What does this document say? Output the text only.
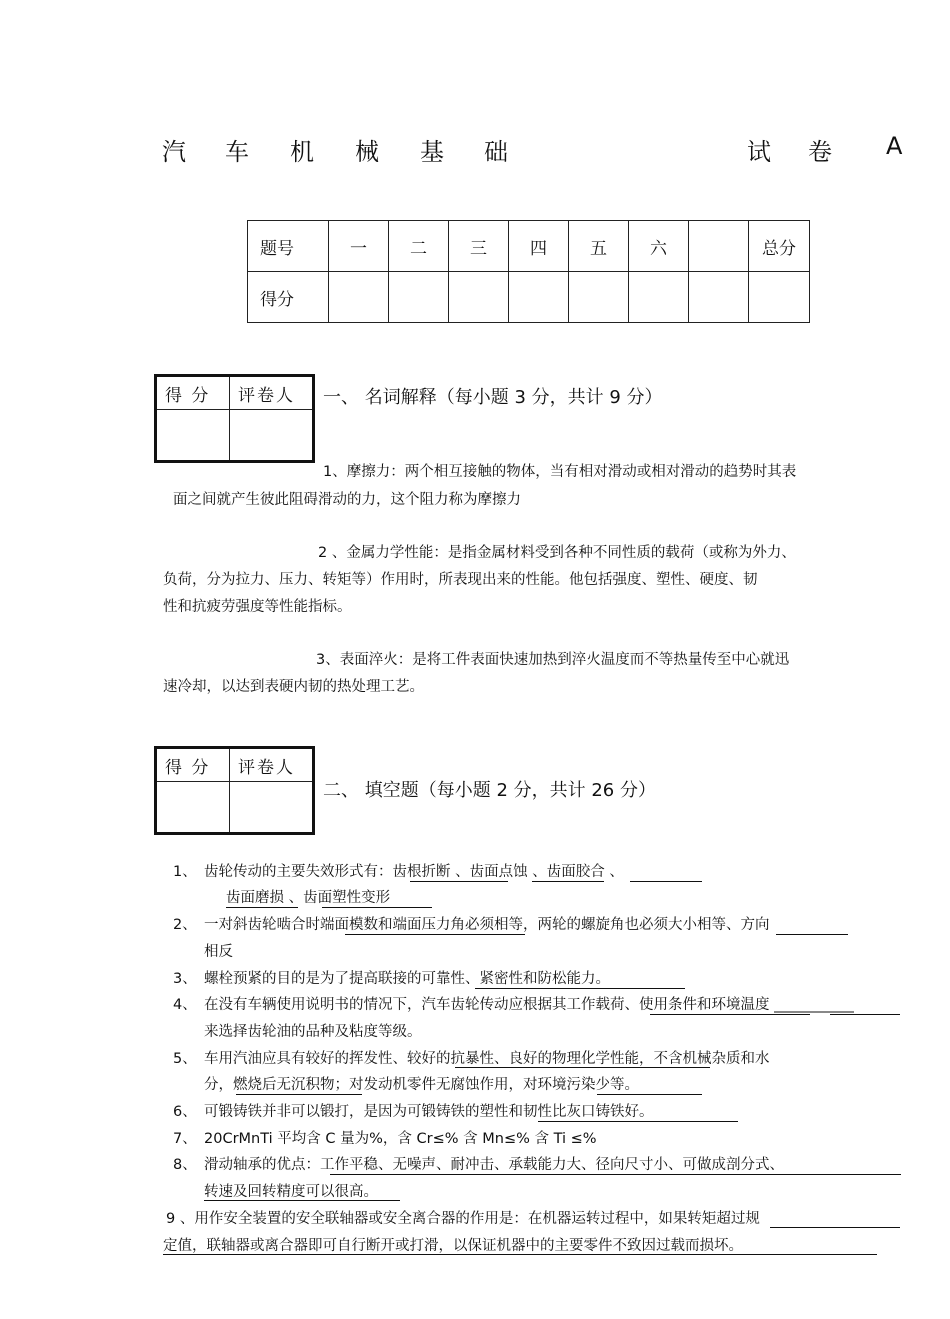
汽 车 机 械 基 础	试 卷 A
题号	一	二	三	四	五	六		总分
得分								
得 分	评卷人
	一、 名词解释（每小题 3 分，共计 9 分）
1、摩擦力：两个相互接触的物体，当有相对滑动或相对滑动的趋势时其表
面之间就产生彼此阻碍滑动的力，这个阻力称为摩擦力
2 、金属力学性能：是指金属材料受到各种不同性质的载荷（或称为外力、
负荷，分为拉力、压力、转矩等）作用时，所表现出来的性能。他包括强度、塑性、硬度、韧
性和抗疲劳强度等性能指标。
3、表面淬火：是将工件表面快速加热到淬火温度而不等热量传至中心就迅
速冷却，以达到表硬内韧的热处理工艺。
得 分	评卷人

二、 填空题（每小题 2 分，共计 26 分）
1、 齿轮传动的主要失效形式有：齿根折断 、齿面点蚀 、齿面胶合 、
齿面磨损 、齿面塑性变形
2、 一对斜齿轮啮合时端面模数和端面压力角必须相等，两轮的螺旋角也必须大小相等、方向
相反
3、 螺栓预紧的目的是为了提高联接的可靠性、紧密性和防松能力。
4、 在没有车辆使用说明书的情况下，汽车齿轮传动应根据其工作载荷、使用条件和环境温度 ___________
来选择齿轮油的品种及粘度等级。
5、 车用汽油应具有较好的挥发性、较好的抗暴性、良好的物理化学性能，不含机械杂质和水
分，燃烧后无沉积物；对发动机零件无腐蚀作用，对环境污染少等。
6、 可锻铸铁并非可以锻打，是因为可锻铸铁的塑性和韧性比灰口铸铁好。
7、 20CrMnTi 平均含 C 量为%，含 Cr≤% 含 Mn≤% 含 Ti ≤%
8、 滑动轴承的优点：工作平稳、无噪声、耐冲击、承载能力大、径向尺寸小、可做成剖分式、
转速及回转精度可以很高。
9 、用作安全装置的安全联轴器或安全离合器的作用是：在机器运转过程中，如果转矩超过规
定值，联轴器或离合器即可自行断开或打滑，以保证机器中的主要零件不致因过载而损坏。
